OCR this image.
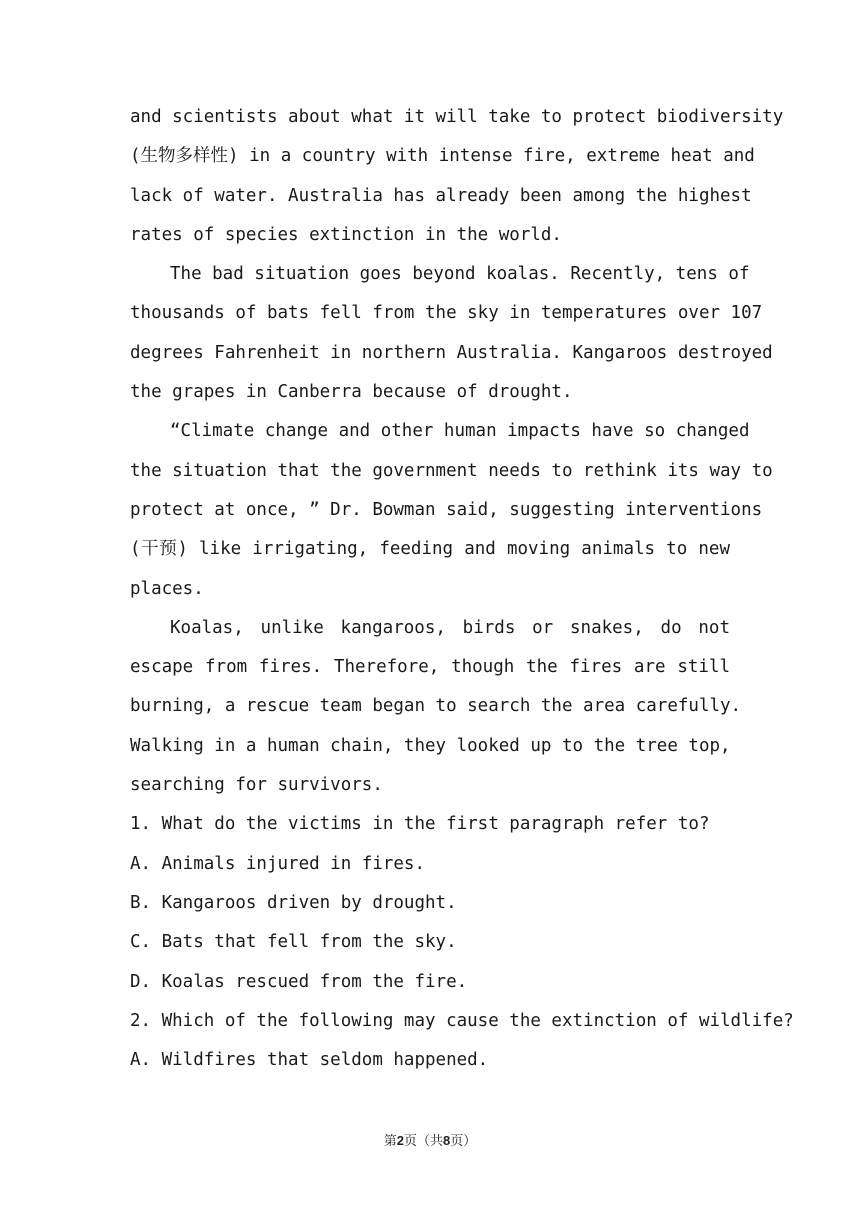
and scientists about what it will take to protect biodiversity
(生物多样性) in a country with intense fire, extreme heat and
lack of water. Australia has already been among the highest
rates of species extinction in the world.
The bad situation goes beyond koalas. Recently, tens of
thousands of bats fell from the sky in temperatures over 107
degrees Fahrenheit in northern Australia. Kangaroos destroyed
the grapes in Canberra because of drought.
“Climate change and other human impacts have so changed
the situation that the government needs to rethink its way to
protect at once, ” Dr. Bowman said, suggesting interventions
(干预) like irrigating, feeding and moving animals to new
places.
Koalas, unlike kangaroos, birds or snakes, do not
escape from fires. Therefore, though the fires are still
burning, a rescue team began to search the area carefully.
Walking in a human chain, they looked up to the tree top,
searching for survivors.
1. What do the victims in the first paragraph refer to?
A. Animals injured in fires.
B. Kangaroos driven by drought.
C. Bats that fell from the sky.
D. Koalas rescued from the fire.
2. Which of the following may cause the extinction of wildlife?
A. Wildfires that seldom happened.
第2页（共8页）
